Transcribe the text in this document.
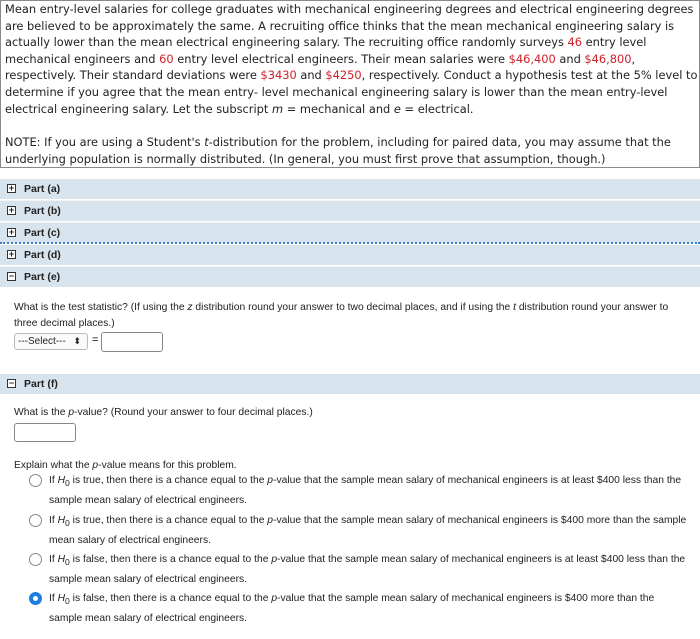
Mean entry-level salaries for college graduates with mechanical engineering degrees and electrical engineering degrees are believed to be approximately the same. A recruiting office thinks that the mean mechanical engineering salary is actually lower than the mean electrical engineering salary. The recruiting office randomly surveys 46 entry level mechanical engineers and 60 entry level electrical engineers. Their mean salaries were $46,400 and $46,800, respectively. Their standard deviations were $3430 and $4250, respectively. Conduct a hypothesis test at the 5% level to determine if you agree that the mean entry- level mechanical engineering salary is lower than the mean entry-level electrical engineering salary. Let the subscript m = mechanical and e = electrical.

NOTE: If you are using a Student's t-distribution for the problem, including for paired data, you may assume that the underlying population is normally distributed. (In general, you must first prove that assumption, though.)

+ Part (a)
+ Part (b)
+ Part (c)
+ Part (d)
− Part (e)
What is the test statistic? (If using the z distribution round your answer to two decimal places, and if using the t distribution round your answer to three decimal places.)
---Select--- ⬍ =
− Part (f)
What is the p-value? (Round your answer to four decimal places.)
Explain what the p-value means for this problem.
If $H_0$ is true, then there is a chance equal to the p-value that the sample mean salary of mechanical engineers is at least $400 less than the sample mean salary of electrical engineers.
If $H_0$ is true, then there is a chance equal to the p-value that the sample mean salary of mechanical engineers is $400 more than the sample mean salary of electrical engineers.
If $H_0$ is false, then there is a chance equal to the p-value that the sample mean salary of mechanical engineers is at least $400 less than the sample mean salary of electrical engineers.
If $H_0$ is false, then there is a chance equal to the p-value that the sample mean salary of mechanical engineers is $400 more than the sample mean salary of electrical engineers.
